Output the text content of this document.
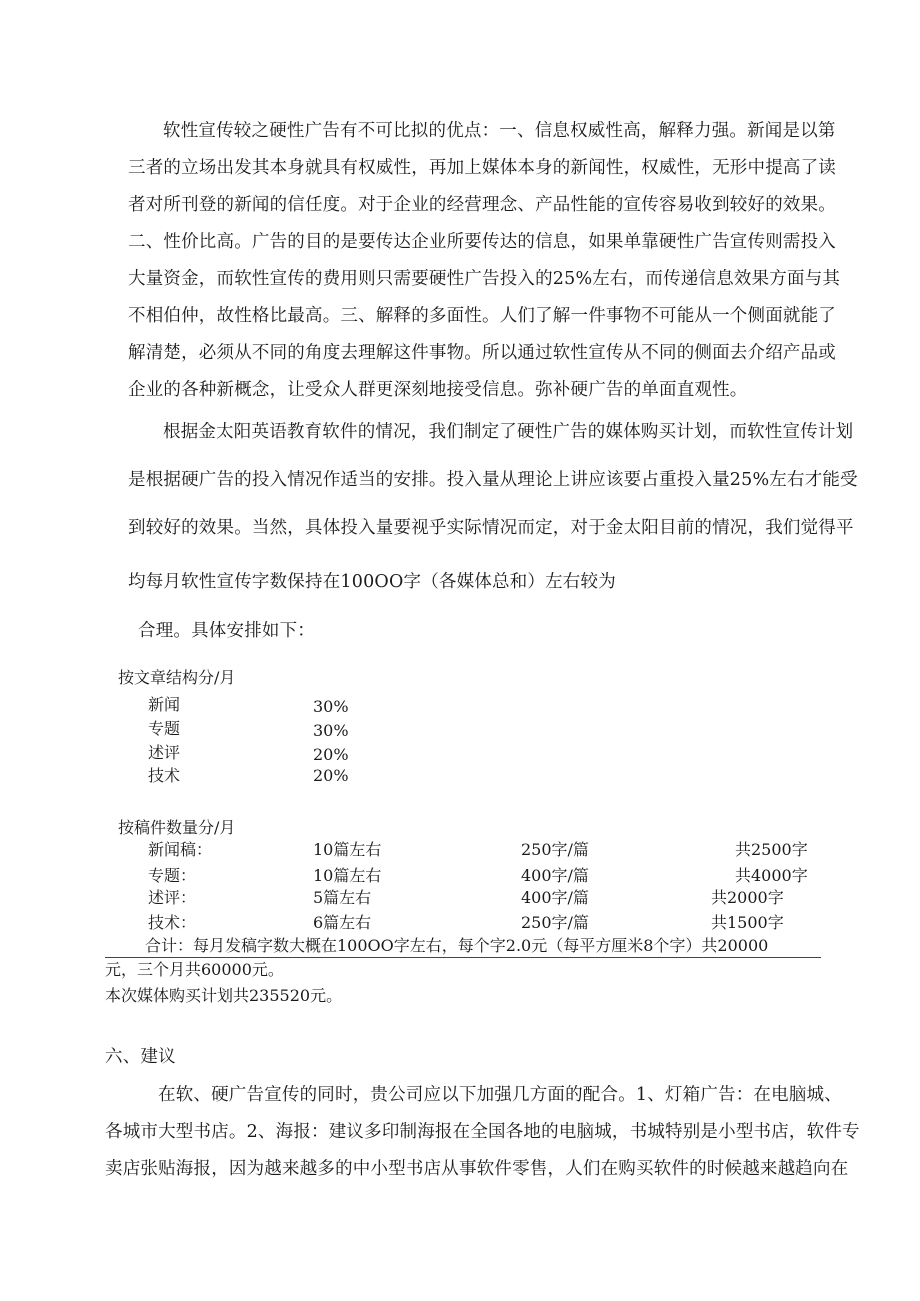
软性宣传较之硬性广告有不可比拟的优点：一、信息权威性高，解释力强。新闻是以第
三者的立场出发其本身就具有权威性，再加上媒体本身的新闻性，权威性，无形中提高了读
者对所刊登的新闻的信任度。对于企业的经营理念、产品性能的宣传容易收到较好的效果。
二、性价比高。广告的目的是要传达企业所要传达的信息，如果单靠硬性广告宣传则需投入
大量资金，而软性宣传的费用则只需要硬性广告投入的25%左右，而传递信息效果方面与其
不相伯仲，故性格比最高。三、解释的多面性。人们了解一件事物不可能从一个侧面就能了
解清楚，必须从不同的角度去理解这件事物。所以通过软性宣传从不同的侧面去介绍产品或
企业的各种新概念，让受众人群更深刻地接受信息。弥补硬广告的单面直观性。
根据金太阳英语教育软件的情况，我们制定了硬性广告的媒体购买计划，而软性宣传计划
是根据硬广告的投入情况作适当的安排。投入量从理论上讲应该要占重投入量25%左右才能受
到较好的效果。当然，具体投入量要视乎实际情况而定，对于金太阳目前的情况，我们觉得平
均每月软性宣传字数保持在100OO字（各媒体总和）左右较为
合理。具体安排如下：
按文章结构分/月
新闻	30%
专题	30%
述评	20%
技术	20%
按稿件数量分/月
新闻稿：	10篇左右	250字/篇	共2500字
专题：	10篇左右	400字/篇	共4000字
述评：	5篇左右	400字/篇	共2000字
技术：	6篇左右	250字/篇	共1500字
合计：每月发稿字数大概在100OO字左右，每个字2.0元（每平方厘米8个字）共20000
元，三个月共60000元。
本次媒体购买计划共235520元。
六、建议
在软、硬广告宣传的同时，贵公司应以下加强几方面的配合。1、灯箱广告：在电脑城、
各城市大型书店。2、海报：建议多印制海报在全国各地的电脑城，书城特别是小型书店，软件专
卖店张贴海报，因为越来越多的中小型书店从事软件零售，人们在购买软件的时候越来越趋向在
